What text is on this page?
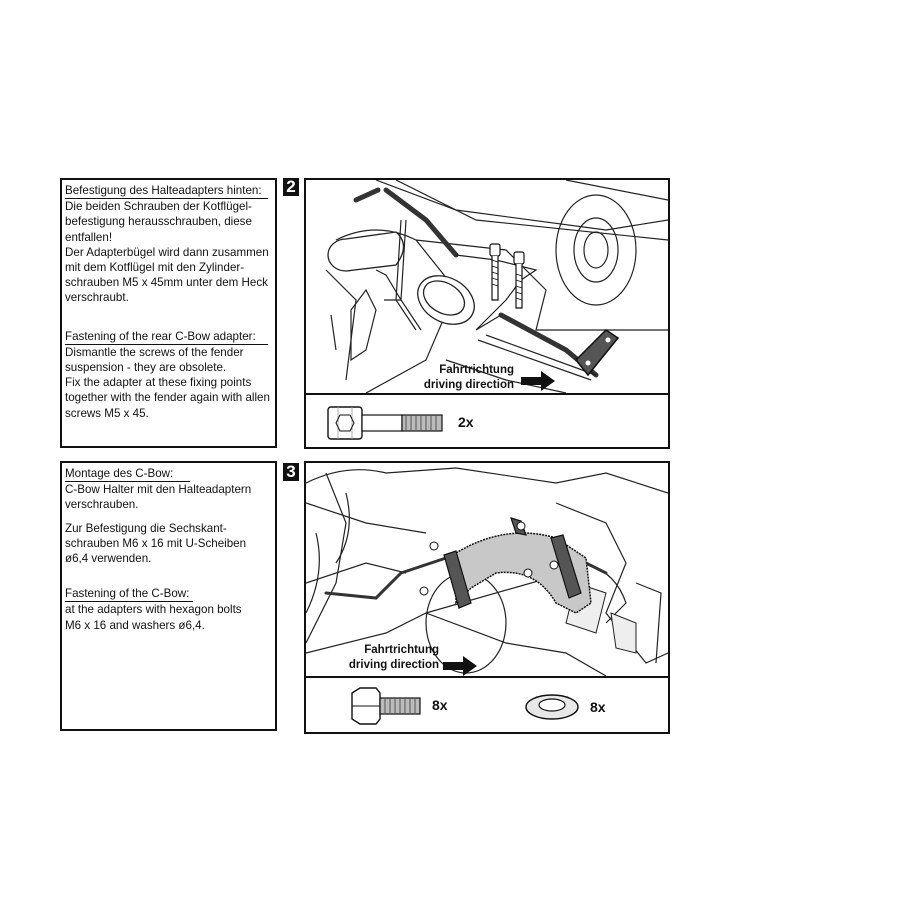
Befestigung des Halteadapters hinten:
Die beiden Schrauben der Kotflügel-
befestigung herausschrauben, diese
entfallen!
Der Adapterbügel wird dann zusammen
mit dem Kotflügel mit den Zylinder-
schrauben M5 x 45mm unter dem Heck
verschraubt.
Fastening of the rear C-Bow adapter:
Dismantle the screws of the fender
suspension - they are obsolete.
Fix the adapter at these fixing points
together with the fender again with allen
screws M5 x 45.
2
Fahrtrichtung
driving direction
2x
Montage des C-Bow:
C-Bow Halter mit den Halteadaptern
verschrauben.
Zur Befestigung die Sechskant-
schrauben M6 x 16 mit U-Scheiben
ø6,4 verwenden.
Fastening of the C-Bow:
at the adapters with hexagon bolts
M6 x 16 and washers ø6,4.
3
Fahrtrichtung
driving direction
8x	8x
